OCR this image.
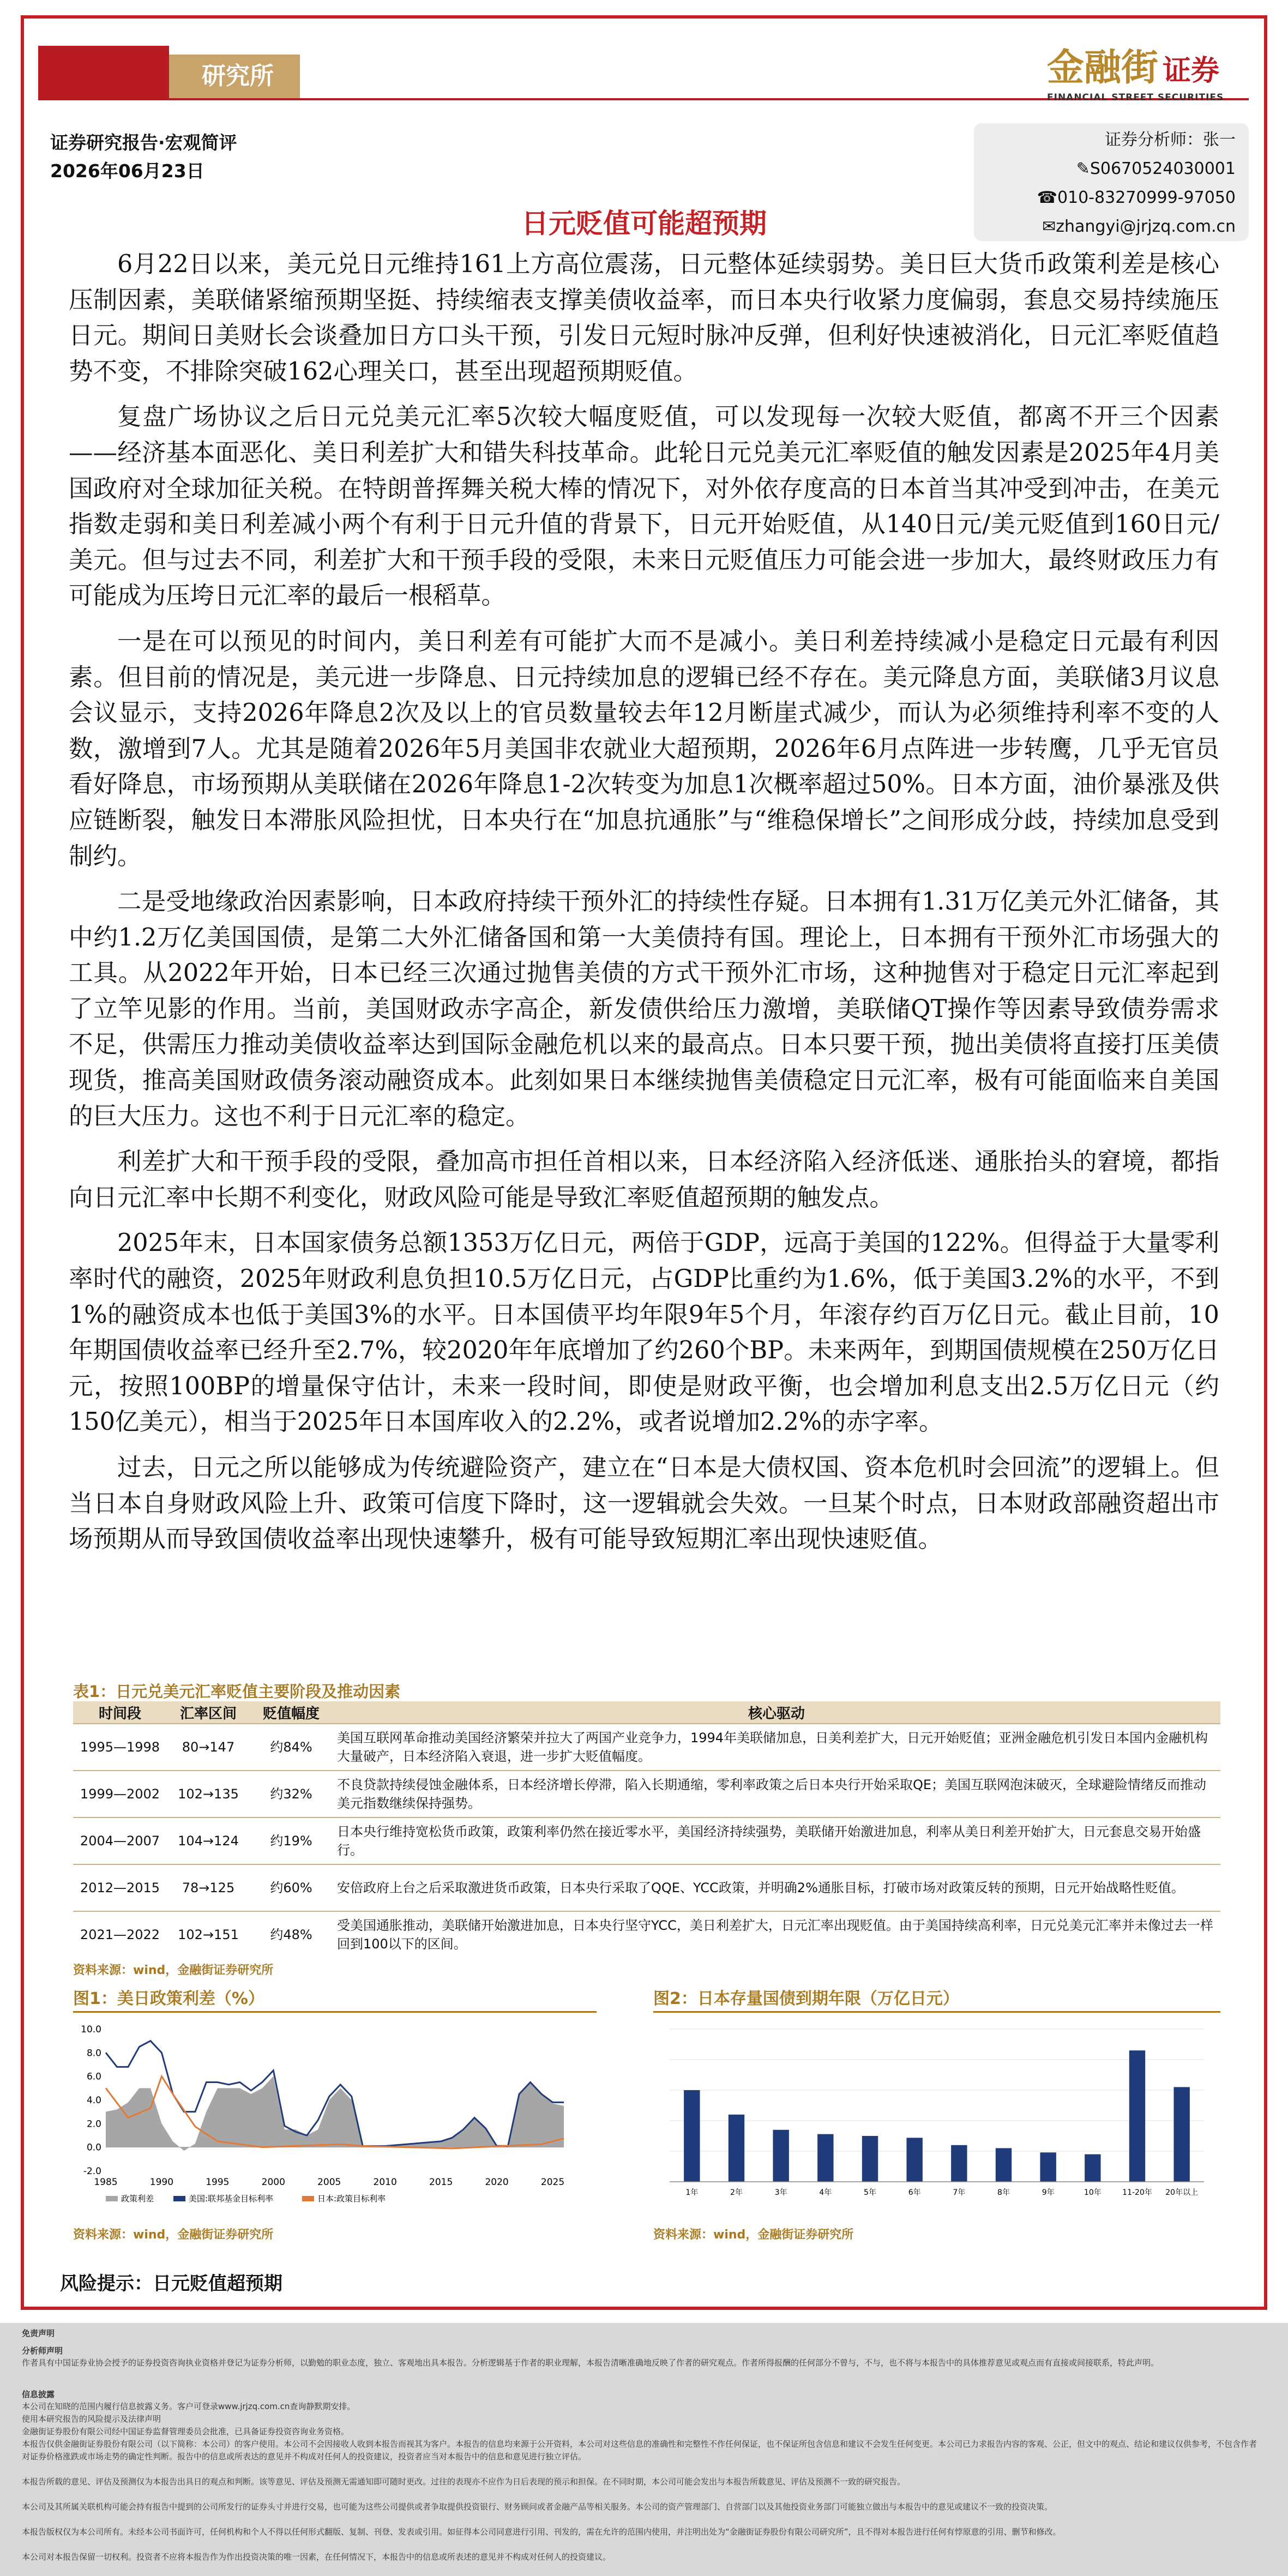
研究所	金融街 证券
FINANCIAL STREET SECURITIES
证券研究报告·宏观简评
2026年06月23日
证券分析师：张一
✎S0670524030001
☎010-83270999-97050
✉zhangyi@jrjzq.com.cn
日元贬值可能超预期

6月22日以来，美元兑日元维持161上方高位震荡，日元整体延续弱势。美日巨大货币政策利差是核心压制因素，美联储紧缩预期坚挺、持续缩表支撑美债收益率，而日本央行收紧力度偏弱，套息交易持续施压日元。期间日美财长会谈叠加日方口头干预，引发日元短时脉冲反弹，但利好快速被消化，日元汇率贬值趋势不变，不排除突破162心理关口，甚至出现超预期贬值。

复盘广场协议之后日元兑美元汇率5次较大幅度贬值，可以发现每一次较大贬值，都离不开三个因素——经济基本面恶化、美日利差扩大和错失科技革命。此轮日元兑美元汇率贬值的触发因素是2025年4月美国政府对全球加征关税。在特朗普挥舞关税大棒的情况下，对外依存度高的日本首当其冲受到冲击，在美元指数走弱和美日利差减小两个有利于日元升值的背景下，日元开始贬值，从140日元/美元贬值到160日元/美元。但与过去不同，利差扩大和干预手段的受限，未来日元贬值压力可能会进一步加大，最终财政压力有可能成为压垮日元汇率的最后一根稻草。

一是在可以预见的时间内，美日利差有可能扩大而不是减小。美日利差持续减小是稳定日元最有利因素。但目前的情况是，美元进一步降息、日元持续加息的逻辑已经不存在。美元降息方面，美联储3月议息会议显示，支持2026年降息2次及以上的官员数量较去年12月断崖式减少，而认为必须维持利率不变的人数，激增到7人。尤其是随着2026年5月美国非农就业大超预期，2026年6月点阵进一步转鹰，几乎无官员看好降息，市场预期从美联储在2026年降息1-2次转变为加息1次概率超过50%。日本方面，油价暴涨及供应链断裂，触发日本滞胀风险担忧，日本央行在“加息抗通胀”与“维稳保增长”之间形成分歧，持续加息受到制约。

二是受地缘政治因素影响，日本政府持续干预外汇的持续性存疑。日本拥有1.31万亿美元外汇储备，其中约1.2万亿美国国债，是第二大外汇储备国和第一大美债持有国。理论上，日本拥有干预外汇市场强大的工具。从2022年开始，日本已经三次通过抛售美债的方式干预外汇市场，这种抛售对于稳定日元汇率起到了立竿见影的作用。当前，美国财政赤字高企，新发债供给压力激增，美联储QT操作等因素导致债券需求不足，供需压力推动美债收益率达到国际金融危机以来的最高点。日本只要干预，抛出美债将直接打压美债现货，推高美国财政债务滚动融资成本。此刻如果日本继续抛售美债稳定日元汇率，极有可能面临来自美国的巨大压力。这也不利于日元汇率的稳定。

利差扩大和干预手段的受限，叠加高市担任首相以来，日本经济陷入经济低迷、通胀抬头的窘境，都指向日元汇率中长期不利变化，财政风险可能是导致汇率贬值超预期的触发点。

2025年末，日本国家债务总额1353万亿日元，两倍于GDP，远高于美国的122%。但得益于大量零利率时代的融资，2025年财政利息负担10.5万亿日元，占GDP比重约为1.6%，低于美国3.2%的水平，不到1%的融资成本也低于美国3%的水平。日本国债平均年限9年5个月，年滚存约百万亿日元。截止目前，10年期国债收益率已经升至2.7%，较2020年年底增加了约260个BP。未来两年，到期国债规模在250万亿日元，按照100BP的增量保守估计，未来一段时间，即使是财政平衡，也会增加利息支出2.5万亿日元（约150亿美元），相当于2025年日本国库收入的2.2%，或者说增加2.2%的赤字率。

过去，日元之所以能够成为传统避险资产，建立在“日本是大债权国、资本危机时会回流”的逻辑上。但当日本自身财政风险上升、政策可信度下降时，这一逻辑就会失效。一旦某个时点，日本财政部融资超出市场预期从而导致国债收益率出现快速攀升，极有可能导致短期汇率出现快速贬值。

表1：日元兑美元汇率贬值主要阶段及推动因素
时间段	汇率区间	贬值幅度	核心驱动
1995—1998	80→147	约84%	美国互联网革命推动美国经济繁荣并拉大了两国产业竞争力，1994年美联储加息，日美利差扩大，日元开始贬值；亚洲金融危机引发日本国内金融机构大量破产，日本经济陷入衰退，进一步扩大贬值幅度。
1999—2002	102→135	约32%	不良贷款持续侵蚀金融体系，日本经济增长停滞，陷入长期通缩，零利率政策之后日本央行开始采取QE；美国互联网泡沫破灭，全球避险情绪反而推动美元指数继续保持强势。
2004—2007	104→124	约19%	日本央行维持宽松货币政策，政策利率仍然在接近零水平，美国经济持续强势，美联储开始激进加息，利率从美日利差开始扩大，日元套息交易开始盛行。
2012—2015	78→125	约60%	安倍政府上台之后采取激进货币政策，日本央行采取了QQE、YCC政策，并明确2%通胀目标，打破市场对政策反转的预期，日元开始战略性贬值。
2021—2022	102→151	约48%	受美国通胀推动，美联储开始激进加息，日本央行坚守YCC，美日利差扩大，日元汇率出现贬值。由于美国持续高利率，日元兑美元汇率并未像过去一样回到100以下的区间。
资料来源：wind，金融街证券研究所
图1：美日政策利差（%）
10.0
8.0
6.0
4.0
2.0
0.0
-2.0
1985	1990	1995	2000	2005	2010	2015	2020	2025
政策利差	美国:联邦基金目标利率	日本:政策目标利率
资料来源：wind，金融街证券研究所
图2：日本存量国债到期年限（万亿日元）
1年	2年	3年	4年	5年	6年	7年	8年	9年	10年	11-20年 20年以上
资料来源：wind，金融街证券研究所
风险提示：日元贬值超预期
免责声明
分析师声明
作者具有中国证券业协会授予的证券投资咨询执业资格并登记为证券分析师，以勤勉的职业态度，独立、客观地出具本报告。分析逻辑基于作者的职业理解，本报告清晰准确地反映了作者的研究观点。作者所得报酬的任何部分不曾与，不与，也不将与本报告中的具体推荐意见或观点而有直接或间接联系，特此声明。
信息披露
本公司在知晓的范围内履行信息披露义务。客户可登录www.jrjzq.com.cn查询静默期安排。
使用本研究报告的风险提示及法律声明
金融街证券股份有限公司经中国证券监督管理委员会批准，已具备证券投资咨询业务资格。
本报告仅供金融街证券股份有限公司（以下简称：本公司）的客户使用。本公司不会因接收人收到本报告而视其为客户。本报告的信息均来源于公开资料，本公司对这些信息的准确性和完整性不作任何保证，也不保证所包含信息和建议不会发生任何变更。本公司已力求报告内容的客观、公正，但文中的观点、结论和建议仅供参考，不包含作者对证券价格涨跌或市场走势的确定性判断。报告中的信息或所表达的意见并不构成对任何人的投资建议，投资者应当对本报告中的信息和意见进行独立评估。
本报告所载的意见、评估及预测仅为本报告出具日的观点和判断。该等意见、评估及预测无需通知即可随时更改。过往的表现亦不应作为日后表现的预示和担保。在不同时期，本公司可能会发出与本报告所载意见、评估及预测不一致的研究报告。
本公司及其所属关联机构可能会持有报告中提到的公司所发行的证券头寸并进行交易，也可能为这些公司提供或者争取提供投资银行、财务顾问或者金融产品等相关服务。本公司的资产管理部门、自营部门以及其他投资业务部门可能独立做出与本报告中的意见或建议不一致的投资决策。
本报告版权仅为本公司所有。未经本公司书面许可，任何机构和个人不得以任何形式翻版、复制、刊登、发表或引用。如征得本公司同意进行引用、刊发的，需在允许的范围内使用，并注明出处为“金融街证券股份有限公司研究所”，且不得对本报告进行任何有悖原意的引用、删节和修改。
本公司对本报告保留一切权利。投资者不应将本报告作为作出投资决策的唯一因素，在任何情况下，本报告中的信息或所表述的意见并不构成对任何人的投资建议。
